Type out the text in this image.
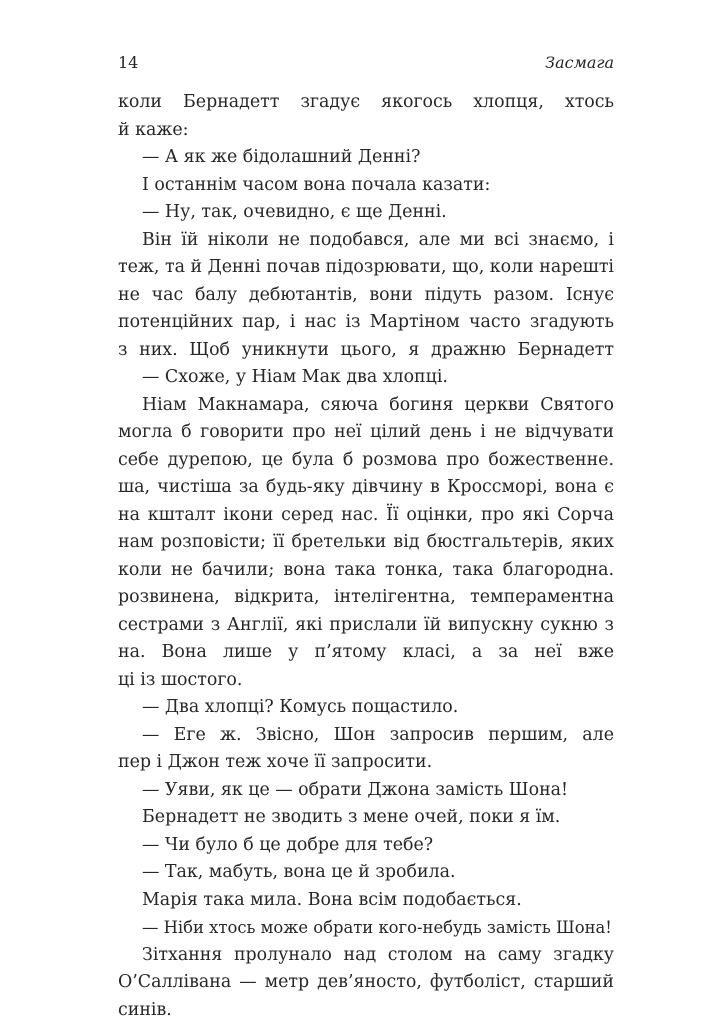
14	Засмага
коли Бернадетт згадує якогось хлопця, хтось
й каже:
— А як же бідолашний Денні?
І останнім часом вона почала казати:
— Ну, так, очевидно, є ще Денні.
Він їй ніколи не подобався, але ми всі знаємо, і
теж, та й Денні почав підозрювати, що, коли нарешті
не час балу дебютантів, вони підуть разом. Існує
потенційних пар, і нас із Мартіном часто згадують
з них. Щоб уникнути цього, я дражню Бернадетт
— Схоже, у Ніам Мак два хлопці.
Ніам Макнамара, сяюча богиня церкви Святого
могла б говорити про неї цілий день і не відчувати
себе дурепою, це була б розмова про божественне.
ша, чистіша за будь-яку дівчину в Кроссморі, вона є
на кшталт ікони серед нас. Її оцінки, про які Сорча
нам розповісти; її бретельки від бюстгальтерів, яких
коли не бачили; вона така тонка, така благородна.
розвинена, відкрита, інтелігентна, темпераментна
сестрами з Англії, які прислали їй випускну сукню з
на. Вона лише у п’ятому класі, а за неї вже
ці із шостого.
— Два хлопці? Комусь пощастило.
— Еге ж. Звісно, Шон запросив першим, але
пер і Джон теж хоче її запросити.
— Уяви, як це — обрати Джона замість Шона!
Бернадетт не зводить з мене очей, поки я їм.
— Чи було б це добре для тебе?
— Так, мабуть, вона це й зробила.
Марія така мила. Вона всім подобається.
— Ніби хтось може обрати кого-небудь замість Шона!
Зітхання пролунало над столом на саму згадку
О’Саллівана — метр дев’яносто, футболіст, старший
синів.
